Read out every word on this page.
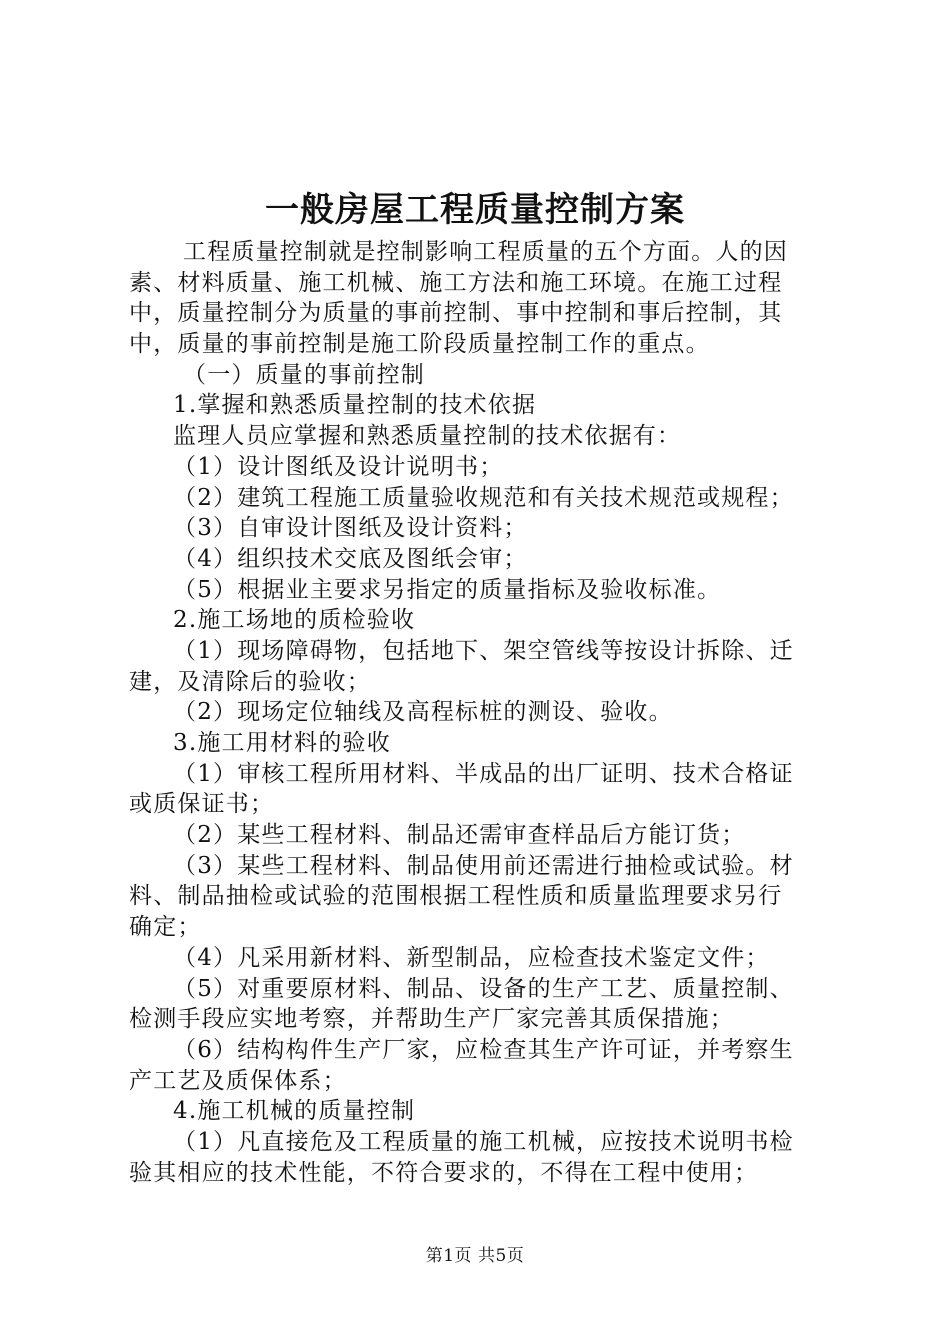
一般房屋工程质量控制方案

工程质量控制就是控制影响工程质量的五个方面。人的因

素、材料质量、施工机械、施工方法和施工环境。在施工过程

中，质量控制分为质量的事前控制、事中控制和事后控制，其

中，质量的事前控制是施工阶段质量控制工作的重点。

（一）质量的事前控制

1.掌握和熟悉质量控制的技术依据

监理人员应掌握和熟悉质量控制的技术依据有：

（1）设计图纸及设计说明书；

（2）建筑工程施工质量验收规范和有关技术规范或规程；

（3）自审设计图纸及设计资料；

（4）组织技术交底及图纸会审；

（5）根据业主要求另指定的质量指标及验收标准。

2.施工场地的质检验收

（1）现场障碍物，包括地下、架空管线等按设计拆除、迁

建，及清除后的验收；

（2）现场定位轴线及高程标桩的测设、验收。

3.施工用材料的验收

（1）审核工程所用材料、半成品的出厂证明、技术合格证

或质保证书；

（2）某些工程材料、制品还需审查样品后方能订货；

（3）某些工程材料、制品使用前还需进行抽检或试验。材

料、制品抽检或试验的范围根据工程性质和质量监理要求另行

确定；

（4）凡采用新材料、新型制品，应检查技术鉴定文件；

（5）对重要原材料、制品、设备的生产工艺、质量控制、

检测手段应实地考察，并帮助生产厂家完善其质保措施；

（6）结构构件生产厂家，应检查其生产许可证，并考察生

产工艺及质保体系；

4.施工机械的质量控制

（1）凡直接危及工程质量的施工机械，应按技术说明书检

验其相应的技术性能，不符合要求的，不得在工程中使用；

第1页 共5页
